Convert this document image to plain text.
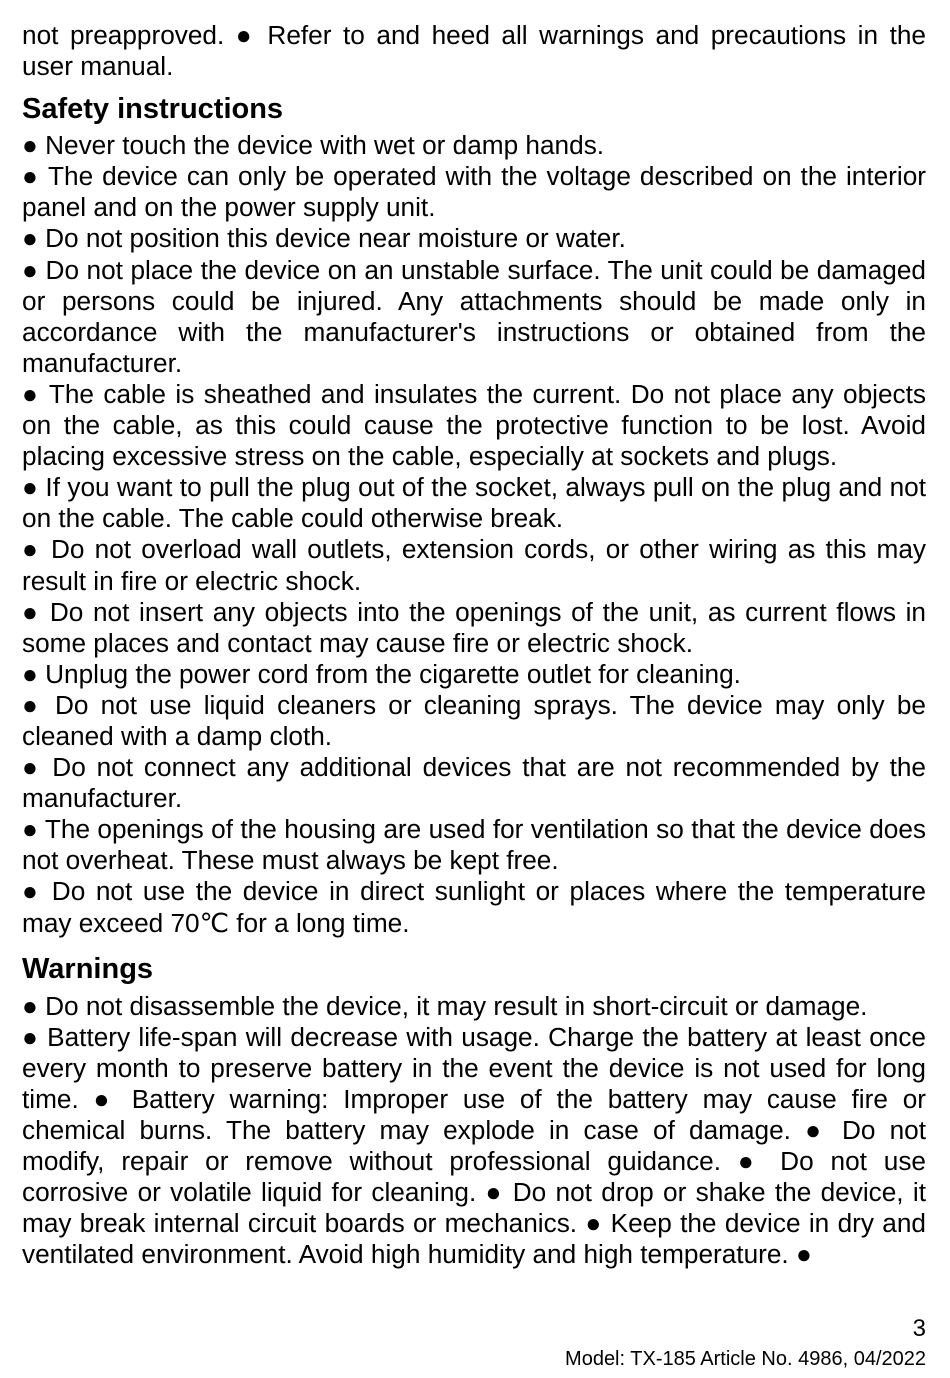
not preapproved. ● Refer to and heed all warnings and precautions in the user manual.

Safety instructions

● Never touch the device with wet or damp hands.

● The device can only be operated with the voltage described on the interior panel and on the power supply unit.

● Do not position this device near moisture or water.

● Do not place the device on an unstable surface. The unit could be damaged or persons could be injured. Any attachments should be made only in accordance with the manufacturer's instructions or obtained from the manufacturer.

● The cable is sheathed and insulates the current. Do not place any objects on the cable, as this could cause the protective function to be lost. Avoid placing excessive stress on the cable, especially at sockets and plugs.

● If you want to pull the plug out of the socket, always pull on the plug and not on the cable. The cable could otherwise break.

● Do not overload wall outlets, extension cords, or other wiring as this may result in fire or electric shock.

● Do not insert any objects into the openings of the unit, as current flows in some places and contact may cause fire or electric shock.

● Unplug the power cord from the cigarette outlet for cleaning.

● Do not use liquid cleaners or cleaning sprays. The device may only be cleaned with a damp cloth.

● Do not connect any additional devices that are not recommended by the manufacturer.

● The openings of the housing are used for ventilation so that the device does not overheat. These must always be kept free.

● Do not use the device in direct sunlight or places where the temperature may exceed 70℃ for a long time.

Warnings

● Do not disassemble the device, it may result in short-circuit or damage.

● Battery life-span will decrease with usage. Charge the battery at least once every month to preserve battery in the event the device is not used for long time. ● Battery warning: Improper use of the battery may cause fire or chemical burns. The battery may explode in case of damage. ● Do not modify, repair or remove without professional guidance. ● Do not use corrosive or volatile liquid for cleaning. ● Do not drop or shake the device, it may break internal circuit boards or mechanics. ● Keep the device in dry and ventilated environment. Avoid high humidity and high temperature. ●

3
Model: TX-185 Article No. 4986, 04/2022
